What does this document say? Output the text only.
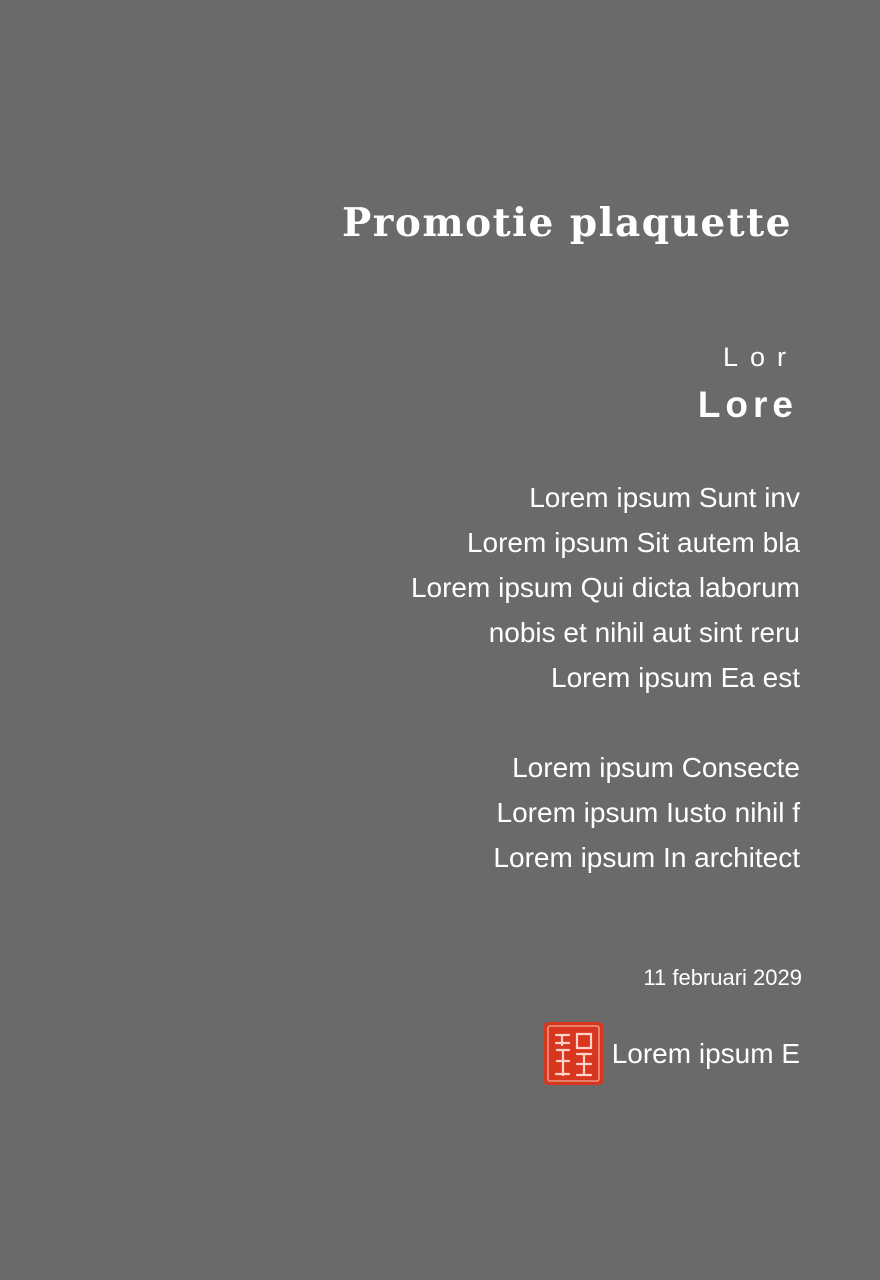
Promotie plaquette
Lor
Lore
Lorem ipsum Sunt inv
Lorem ipsum Sit autem bla
Lorem ipsum Qui dicta laborum
nobis et nihil aut sint reru
Lorem ipsum Ea est
Lorem ipsum Consecte
Lorem ipsum Iusto nihil f
Lorem ipsum In architect
11 februari 2029
Lorem ipsum E
